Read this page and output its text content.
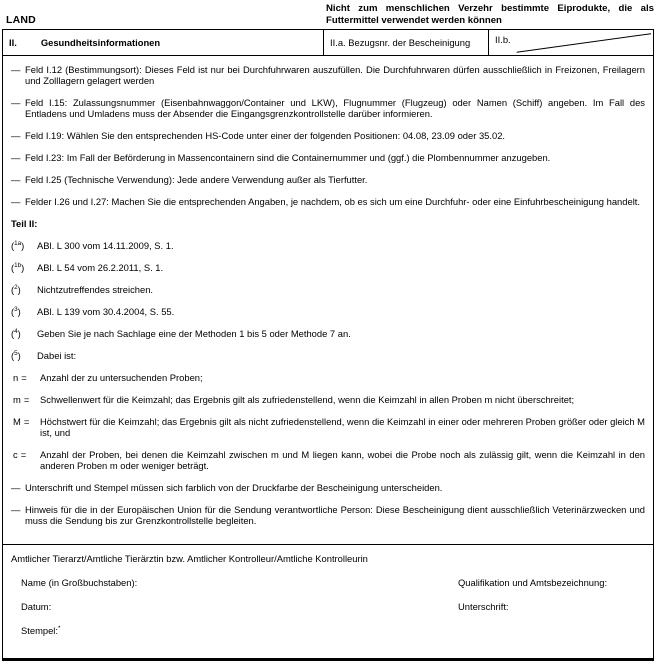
LAND
Nicht zum menschlichen Verzehr bestimmte Eiprodukte, die als Futtermittel verwendet werden können
II.	Gesundheitsinformationen	II.a. Bezugsnr. der Bescheinigung	II.b.
— Feld I.12 (Bestimmungsort): Dieses Feld ist nur bei Durchfuhrwaren auszufüllen. Die Durchfuhrwaren dürfen ausschließlich in Freizonen, Freilagern und Zolllagern gelagert werden
— Feld I.15: Zulassungsnummer (Eisenbahnwaggon/Container und LKW), Flugnummer (Flugzeug) oder Namen (Schiff) angeben. Im Fall des Entladens und Umladens muss der Absender die Eingangsgrenzkontrollstelle darüber informieren.
— Feld I.19: Wählen Sie den entsprechenden HS-Code unter einer der folgenden Positionen: 04.08, 23.09 oder 35.02.
— Feld I.23: Im Fall der Beförderung in Massencontainern sind die Containernummer und (ggf.) die Plombennummer anzugeben.
— Feld I.25 (Technische Verwendung): Jede andere Verwendung außer als Tierfutter.
— Felder I.26 und I.27: Machen Sie die entsprechenden Angaben, je nachdem, ob es sich um eine Durchfuhr- oder eine Einfuhrbescheinigung handelt.
Teil II:
($^{1a}$) ABl. L 300 vom 14.11.2009, S. 1.
($^{1b}$) ABl. L 54 vom 26.2.2011, S. 1.
($^2$) Nichtzutreffendes streichen.
($^3$) ABl. L 139 vom 30.4.2004, S. 55.
($^4$) Geben Sie je nach Sachlage eine der Methoden 1 bis 5 oder Methode 7 an.
($^5$) Dabei ist:
n = Anzahl der zu untersuchenden Proben;
m = Schwellenwert für die Keimzahl; das Ergebnis gilt als zufriedenstellend, wenn die Keimzahl in allen Proben m nicht überschreitet;
M = Höchstwert für die Keimzahl; das Ergebnis gilt als nicht zufriedenstellend, wenn die Keimzahl in einer oder mehreren Proben größer oder gleich M ist, und
c = Anzahl der Proben, bei denen die Keimzahl zwischen m und M liegen kann, wobei die Probe noch als zulässig gilt, wenn die Keimzahl in den anderen Proben m oder weniger beträgt.
— Unterschrift und Stempel müssen sich farblich von der Druckfarbe der Bescheinigung unterscheiden.
— Hinweis für die in der Europäischen Union für die Sendung verantwortliche Person: Diese Bescheinigung dient ausschließlich Veterinärzwecken und muss die Sendung bis zur Grenzkontrollstelle begleiten.
Amtlicher Tierarzt/Amtliche Tierärztin bzw. Amtlicher Kontrolleur/Amtliche Kontrolleurin
Name (in Großbuchstaben):	Qualifikation und Amtsbezeichnung:
Datum:	Unterschrift:
Stempel:*
